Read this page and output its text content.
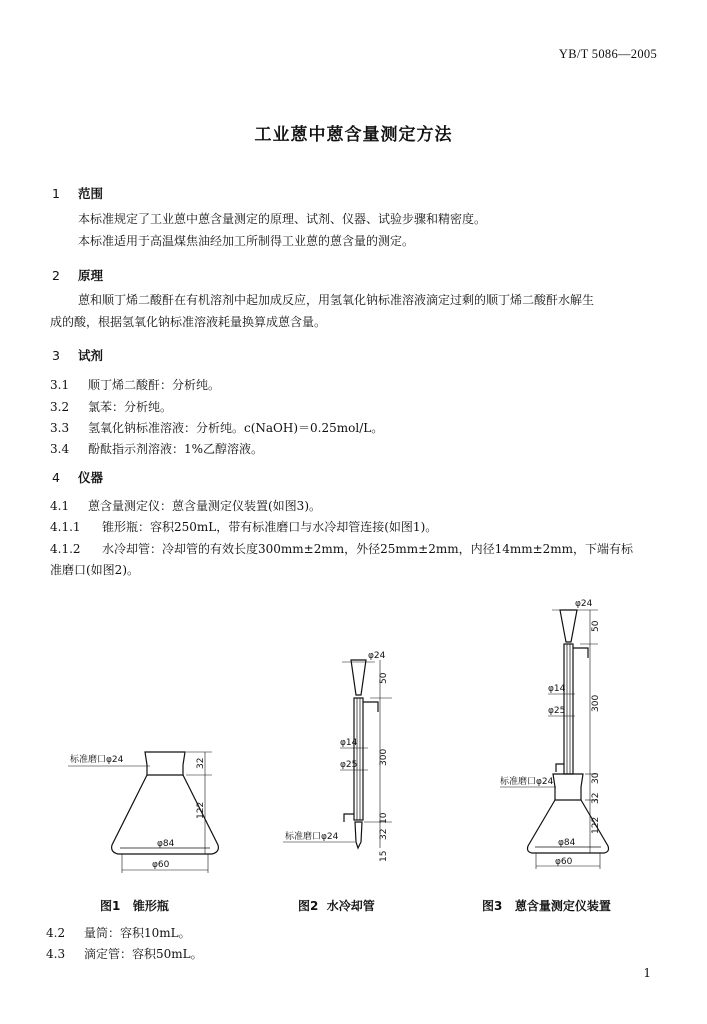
YB/T 5086—2005
工业蒽中蒽含量测定方法
1 范围
本标准规定了工业蒽中蒽含量测定的原理、试剂、仪器、试验步骤和精密度。
本标准适用于高温煤焦油经加工所制得工业蒽的蒽含量的测定。
2 原理
蒽和顺丁烯二酸酐在有机溶剂中起加成反应，用氢氧化钠标准溶液滴定过剩的顺丁烯二酸酐水解生
成的酸，根据氢氧化钠标准溶液耗量换算成蒽含量。
3 试剂
3.1 顺丁烯二酸酐：分析纯。
3.2 氯苯：分析纯。
3.3 氢氧化钠标准溶液：分析纯。c(NaOH)＝0.25mol/L。
3.4 酚酞指示剂溶液：1%乙醇溶液。
4 仪器
4.1 蒽含量测定仪：蒽含量测定仪装置(如图3)。
4.1.1 锥形瓶：容积250mL，带有标准磨口与水冷却管连接(如图1)。
4.1.2 水冷却管：冷却管的有效长度300mm±2mm，外径25mm±2mm，内径14mm±2mm，下端有标
准磨口(如图2)。
标准磨口φ24	32
122
φ84
φ60
φ24
50
φ14
φ25 300
10
标准磨口φ24	32
15
φ24
50
φ14
φ25	300
标准磨口φ24	30
32
122
φ84
φ60
图1 锥形瓶	图2 水冷却管	图3 蒽含量测定仪装置
4.2 量筒：容积10mL。
4.3 滴定管：容积50mL。
1
